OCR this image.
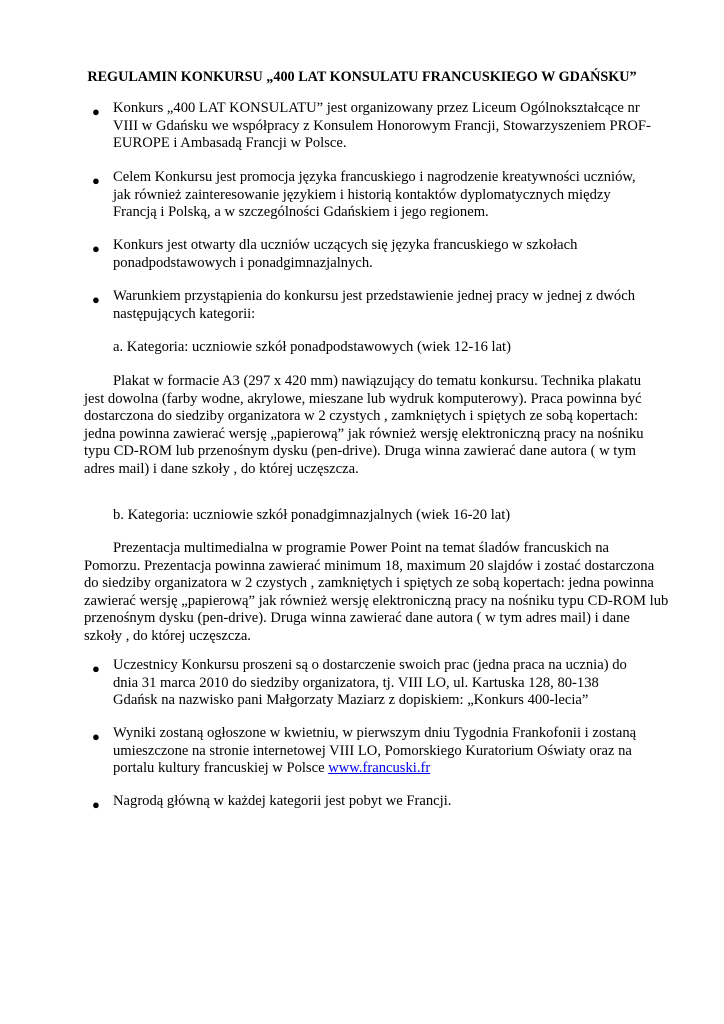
REGULAMIN KONKURSU „400 LAT KONSULATU FRANCUSKIEGO W GDAŃSKU”
● Konkurs „400 LAT KONSULATU” jest organizowany przez Liceum Ogólnokształcące nr
VIII w Gdańsku we współpracy z Konsulem Honorowym Francji, Stowarzyszeniem PROF-
EUROPE i Ambasadą Francji w Polsce.
● Celem Konkursu jest promocja języka francuskiego i nagrodzenie kreatywności uczniów,
jak również zainteresowanie językiem i historią kontaktów dyplomatycznych między
Francją i Polską, a w szczególności Gdańskiem i jego regionem.
● Konkurs jest otwarty dla uczniów uczących się języka francuskiego w szkołach
ponadpodstawowych i ponadgimnazjalnych.
● Warunkiem przystąpienia do konkursu jest przedstawienie jednej pracy w jednej z dwóch
następujących kategorii:
a. Kategoria: uczniowie szkół ponadpodstawowych (wiek 12-16 lat)
Plakat w formacie A3 (297 x 420 mm) nawiązujący do tematu konkursu. Technika plakatu
jest dowolna (farby wodne, akrylowe, mieszane lub wydruk komputerowy). Praca powinna być
dostarczona do siedziby organizatora w 2 czystych , zamkniętych i spiętych ze sobą kopertach:
jedna powinna zawierać wersję „papierową” jak również wersję elektroniczną pracy na nośniku
typu CD-ROM lub przenośnym dysku (pen-drive). Druga winna zawierać dane autora ( w tym
adres mail) i dane szkoły , do której uczęszcza.
b. Kategoria: uczniowie szkół ponadgimnazjalnych (wiek 16-20 lat)
Prezentacja multimedialna w programie Power Point na temat śladów francuskich na
Pomorzu. Prezentacja powinna zawierać minimum 18, maximum 20 slajdów i zostać dostarczona
do siedziby organizatora w 2 czystych , zamkniętych i spiętych ze sobą kopertach: jedna powinna
zawierać wersję „papierową” jak również wersję elektroniczną pracy na nośniku typu CD-ROM lub
przenośnym dysku (pen-drive). Druga winna zawierać dane autora ( w tym adres mail) i dane
szkoły , do której uczęszcza.
● Uczestnicy Konkursu proszeni są o dostarczenie swoich prac (jedna praca na ucznia) do
dnia 31 marca 2010 do siedziby organizatora, tj. VIII LO, ul. Kartuska 128, 80-138
Gdańsk na nazwisko pani Małgorzaty Maziarz z dopiskiem: „Konkurs 400-lecia”
● Wyniki zostaną ogłoszone w kwietniu, w pierwszym dniu Tygodnia Frankofonii i zostaną
umieszczone na stronie internetowej VIII LO, Pomorskiego Kuratorium Oświaty oraz na
portalu kultury francuskiej w Polsce www.francuski.fr
● Nagrodą główną w każdej kategorii jest pobyt we Francji.
